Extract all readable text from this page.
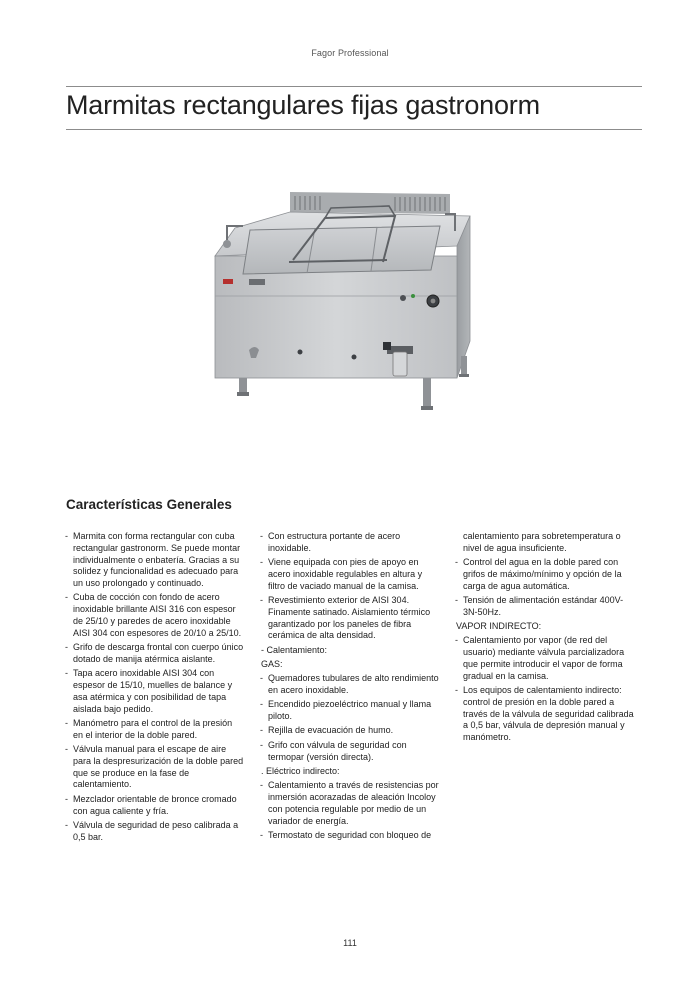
Fagor Professional
Marmitas rectangulares fijas gastronorm
Características Generales
- Marmita con forma rectangular con cuba rectangular gastronorm. Se puede montar individualmente o enbatería. Gracias a su solidez y funcionalidad es adecuado para un uso prolongado y continuado.
- Cuba de cocción con fondo de acero inoxidable brillante AISI 316 con espesor de 25/10 y paredes de acero inoxidable AISI 304 con espesores de 20/10 a 25/10.
- Grifo de descarga frontal con cuerpo único dotado de manija atérmica aislante.
- Tapa acero inoxidable AISI 304 con espesor de 15/10, muelles de balance y asa atérmica y con posibilidad de tapa aislada bajo pedido.
- Manómetro para el control de la presión en el interior de la doble pared.
- Válvula manual para el escape de aire para la despresurización de la doble pared que se produce en la fase de calentamiento.
- Mezclador orientable de bronce cromado con agua caliente y fría.
- Válvula de seguridad de peso calibrada a 0,5 bar.
- Con estructura portante de acero inoxidable.
- Viene equipada con pies de apoyo en acero inoxidable regulables en altura y filtro de vaciado manual de la camisa.
- Revestimiento exterior de AISI 304. Finamente satinado. Aislamiento térmico garantizado por los paneles de fibra cerámica de alta densidad.
- Calentamiento:
GAS:
- Quemadores tubulares de alto rendimiento en acero inoxidable.
- Encendido piezoeléctrico manual y llama piloto.
- Rejilla de evacuación de humo.
- Grifo con válvula de seguridad con termopar (versión directa).
. Eléctrico indirecto:
- Calentamiento a través de resistencias por inmersión acorazadas de aleación Incoloy con potencia regulable por medio de un variador de energía.
- Termostato de seguridad con bloqueo de
calentamiento para sobretemperatura o nivel de agua insuficiente.
- Control del agua en la doble pared con grifos de máximo/mínimo y opción de la carga de agua automática.
- Tensión de alimentación estándar 400V-3N-50Hz.
VAPOR INDIRECTO:
- Calentamiento por vapor (de red del usuario) mediante válvula parcializadora que permite introducir el vapor de forma gradual en la camisa.
- Los equipos de calentamiento indirecto: control de presión en la doble pared a través de la válvula de seguridad calibrada a 0,5 bar, válvula de depresión manual y manómetro.
111
